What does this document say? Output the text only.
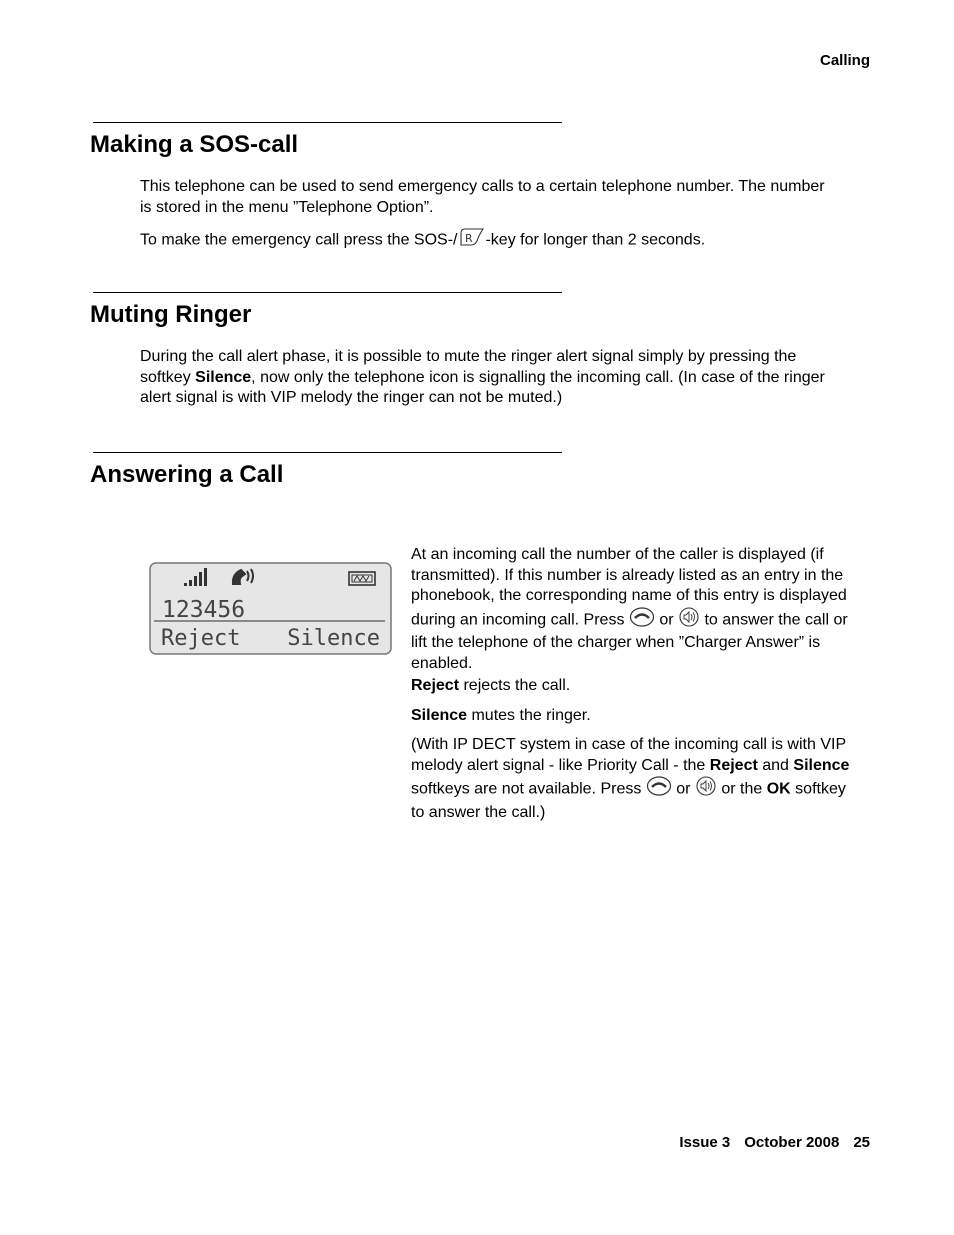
Calling
Making a SOS-call

This telephone can be used to send emergency calls to a certain telephone number. The number is stored in the menu ”Telephone Option”.

To make the emergency call press the SOS-/ R -key for longer than 2 seconds.

Muting Ringer

During the call alert phase, it is possible to mute the ringer alert signal simply by pressing the softkey Silence, now only the telephone icon is signalling the incoming call. (In case of the ringer alert signal is with VIP melody the ringer can not be muted.)

Answering a Call
123456
Reject Silence

At an incoming call the number of the caller is displayed (if transmitted). If this number is already listed as an entry in the phonebook, the corresponding name of this entry is displayed during an incoming call. Press  or to answer the call or lift the telephone of the charger when ”Charger Answer” is enabled.

Reject rejects the call.

Silence mutes the ringer.

(With IP DECT system in case of the incoming call is with VIP melody alert signal - like Priority Call - the Reject and Silence softkeys are not available. Press  or or the OK softkey to answer the call.)

Issue 3 October 2008 25
